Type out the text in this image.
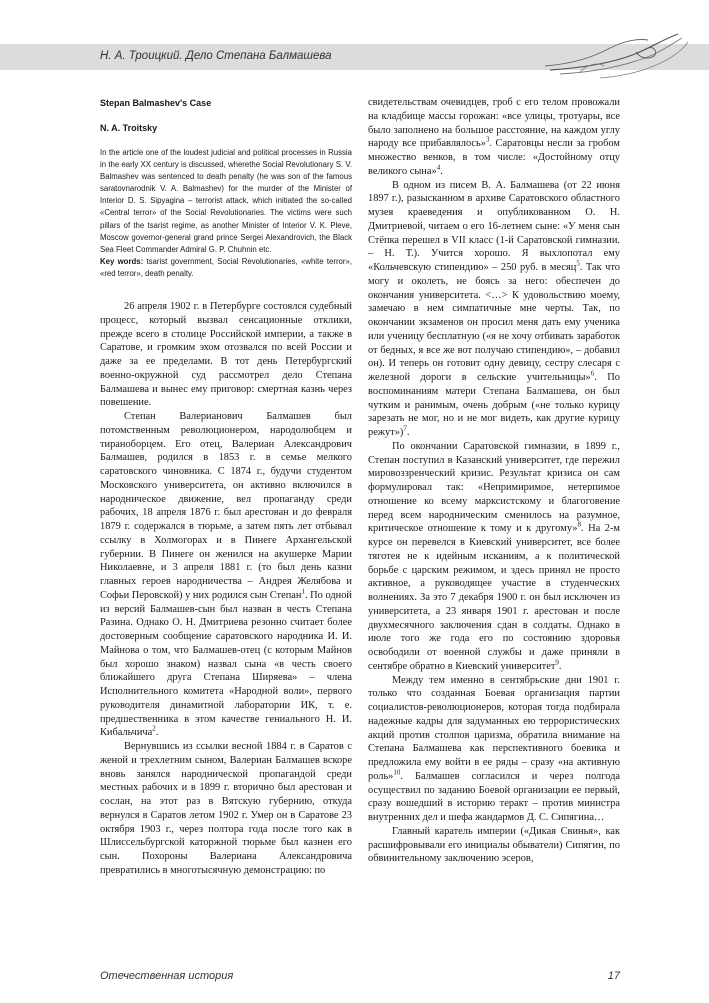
Н. А. Троицкий. Дело Степана Балмашева

Stepan Balmashev's Case

N. A. Troitsky

In the article one of the loudest judicial and political processes in Russia in the early XX century is discussed, wherethe Social Revolutionary S. V. Balmashev was sentenced to death penalty (he was son of the famous saratovnarodnik V. A. Balmashev) for the murder of the Minister of Interior D. S. Sipyagina – terrorist attack, which initiated the so-called «Central terror» of the Social Revolutionaries. The victims were such pillars of the tsarist regime, as another Minister of Interior V. K. Pleve, Moscow governor-general grand prince Sergei Alexandrovich, the Black Sea Fleet Commander Admiral G. P. Chuhnin etc.

Key words: tsarist government, Social Revolutionaries, «white terror», «red terror», death penalty.

26 апреля 1902 г. в Петербурге состоялся судебный процесс, который вызвал сенсационные отклики, прежде всего в столице Российской империи, а также в Саратове, и громким эхом отозвался по всей России и даже за ее пределами. В тот день Петербургский военно-окружной суд рассмотрел дело Степана Балмашева и вынес ему приговор: смертная казнь через повешение.

Степан Валерианович Балмашев был потомственным революционером, народолюбцем и тираноборцем. Его отец, Валериан Александрович Балмашев, родился в 1853 г. в семье мелкого саратовского чиновника. С 1874 г., будучи студентом Московского университета, он активно включился в народническое движение, вел пропаганду среди рабочих, 18 апреля 1876 г. был арестован и до февраля 1879 г. содержался в тюрьме, а затем пять лет отбывал ссылку в Холмогорах и в Пинеге Архангельской губернии. В Пинеге он женился на акушерке Марии Николаевне, и 3 апреля 1881 г. (то был день казни главных героев народничества – Андрея Желябова и Софьи Перовской) у них родился сын Степан$^1$. По одной из версий Балмашев-сын был назван в честь Степана Разина. Однако О. Н. Дмитриева резонно считает более достоверным сообщение саратовского народника И. И. Майнова о том, что Балмашев-отец (с которым Майнов был хорошо знаком) назвал сына «в честь своего ближайшего друга Степана Ширяева» – члена Исполнительного комитета «Народной воли», первого руководителя динамитной лаборатории ИК, т. е. предшественника в этом качестве гениального Н. И. Кибальчича$^2$.

Вернувшись из ссылки весной 1884 г. в Саратов с женой и трехлетним сыном, Валериан Балмашев вскоре вновь занялся народнической пропагандой среди местных рабочих и в 1899 г. вторично был арестован и сослан, на этот раз в Вятскую губернию, откуда вернулся в Саратов летом 1902 г. Умер он в Саратове 23 октября 1903 г., через полтора года после того как в Шлиссельбургской каторжной тюрьме был казнен его сын. Похороны Валериана Александровича превратились в многотысячную демонстрацию: по

свидетельствам очевидцев, гроб с его телом провожали на кладбище массы горожан: «все улицы, тротуары, все было заполнено на большое расстояние, на каждом углу народу все прибавлялось»$^3$. Саратовцы несли за гробом множество венков, в том числе: «Достойному отцу великого сына»$^4$.

В одном из писем В. А. Балмашева (от 22 июня 1897 г.), разысканном в архиве Саратовского областного музея краеведения и опубликованном О. Н. Дмитриевой, читаем о его 16-летнем сыне: «У меня сын Стёпка перешел в VII класс (1-й Саратовской гимназии. – Н. Т.). Учится хорошо. Я выхлопотал ему «Кольчевскую стипендию» – 250 руб. в месяц$^5$. Так что могу и околеть, не боясь за него: обеспечен до окончания университета. <…> К удовольствию моему, замечаю в нем симпатичные мне черты. Так, по окончании экзаменов он просил меня дать ему ученика или ученицу бесплатную («я не хочу отбивать заработок от бедных, я все же вот получаю стипендию», – добавил он). И теперь он готовит одну девицу, сестру слесаря с железной дороги в сельские учительницы»$^6$. По воспоминаниям матери Степана Балмашева, он был чутким и ранимым, очень добрым («не только курицу зарезать не мог, но и не мог видеть, как другие курицу режут»)$^7$.

По окончании Саратовской гимназии, в 1899 г., Степан поступил в Казанский университет, где пережил мировоззренческий кризис. Результат кризиса он сам формулировал так: «Непримиримое, нетерпимое отношение ко всему марксистскому и благоговение перед всем народническим сменилось на разумное, критическое отношение к тому и к другому»$^8$. На 2-м курсе он перевелся в Киевский университет, все более тяготея не к идейным исканиям, а к политической борьбе с царским режимом, и здесь принял не просто активное, а руководящее участие в студенческих волнениях. За это 7 декабря 1900 г. он был исключен из университета, а 23 января 1901 г. арестован и после двухмесячного заключения сдан в солдаты. Однако в июле того же года его по состоянию здоровья освободили от военной службы и даже приняли в сентябре обратно в Киевский университет$^9$.

Между тем именно в сентябрьские дни 1901 г. только что созданная Боевая организация партии социалистов-революционеров, которая тогда подбирала надежные кадры для задуманных ею террористических акций против столпов царизма, обратила внимание на Степана Балмашева как перспективного боевика и предложила ему войти в ее ряды – сразу «на активную роль»$^{10}$. Балмашев согласился и через полгода осуществил по заданию Боевой организации ее первый, сразу вошедший в историю теракт – против министра внутренних дел и шефа жандармов Д. С. Сипягина…

Главный каратель империи («Дикая Свинья», как расшифровывали его инициалы обыватели) Сипягин, по обвинительному заключению эсеров,

Отечественная история	17
